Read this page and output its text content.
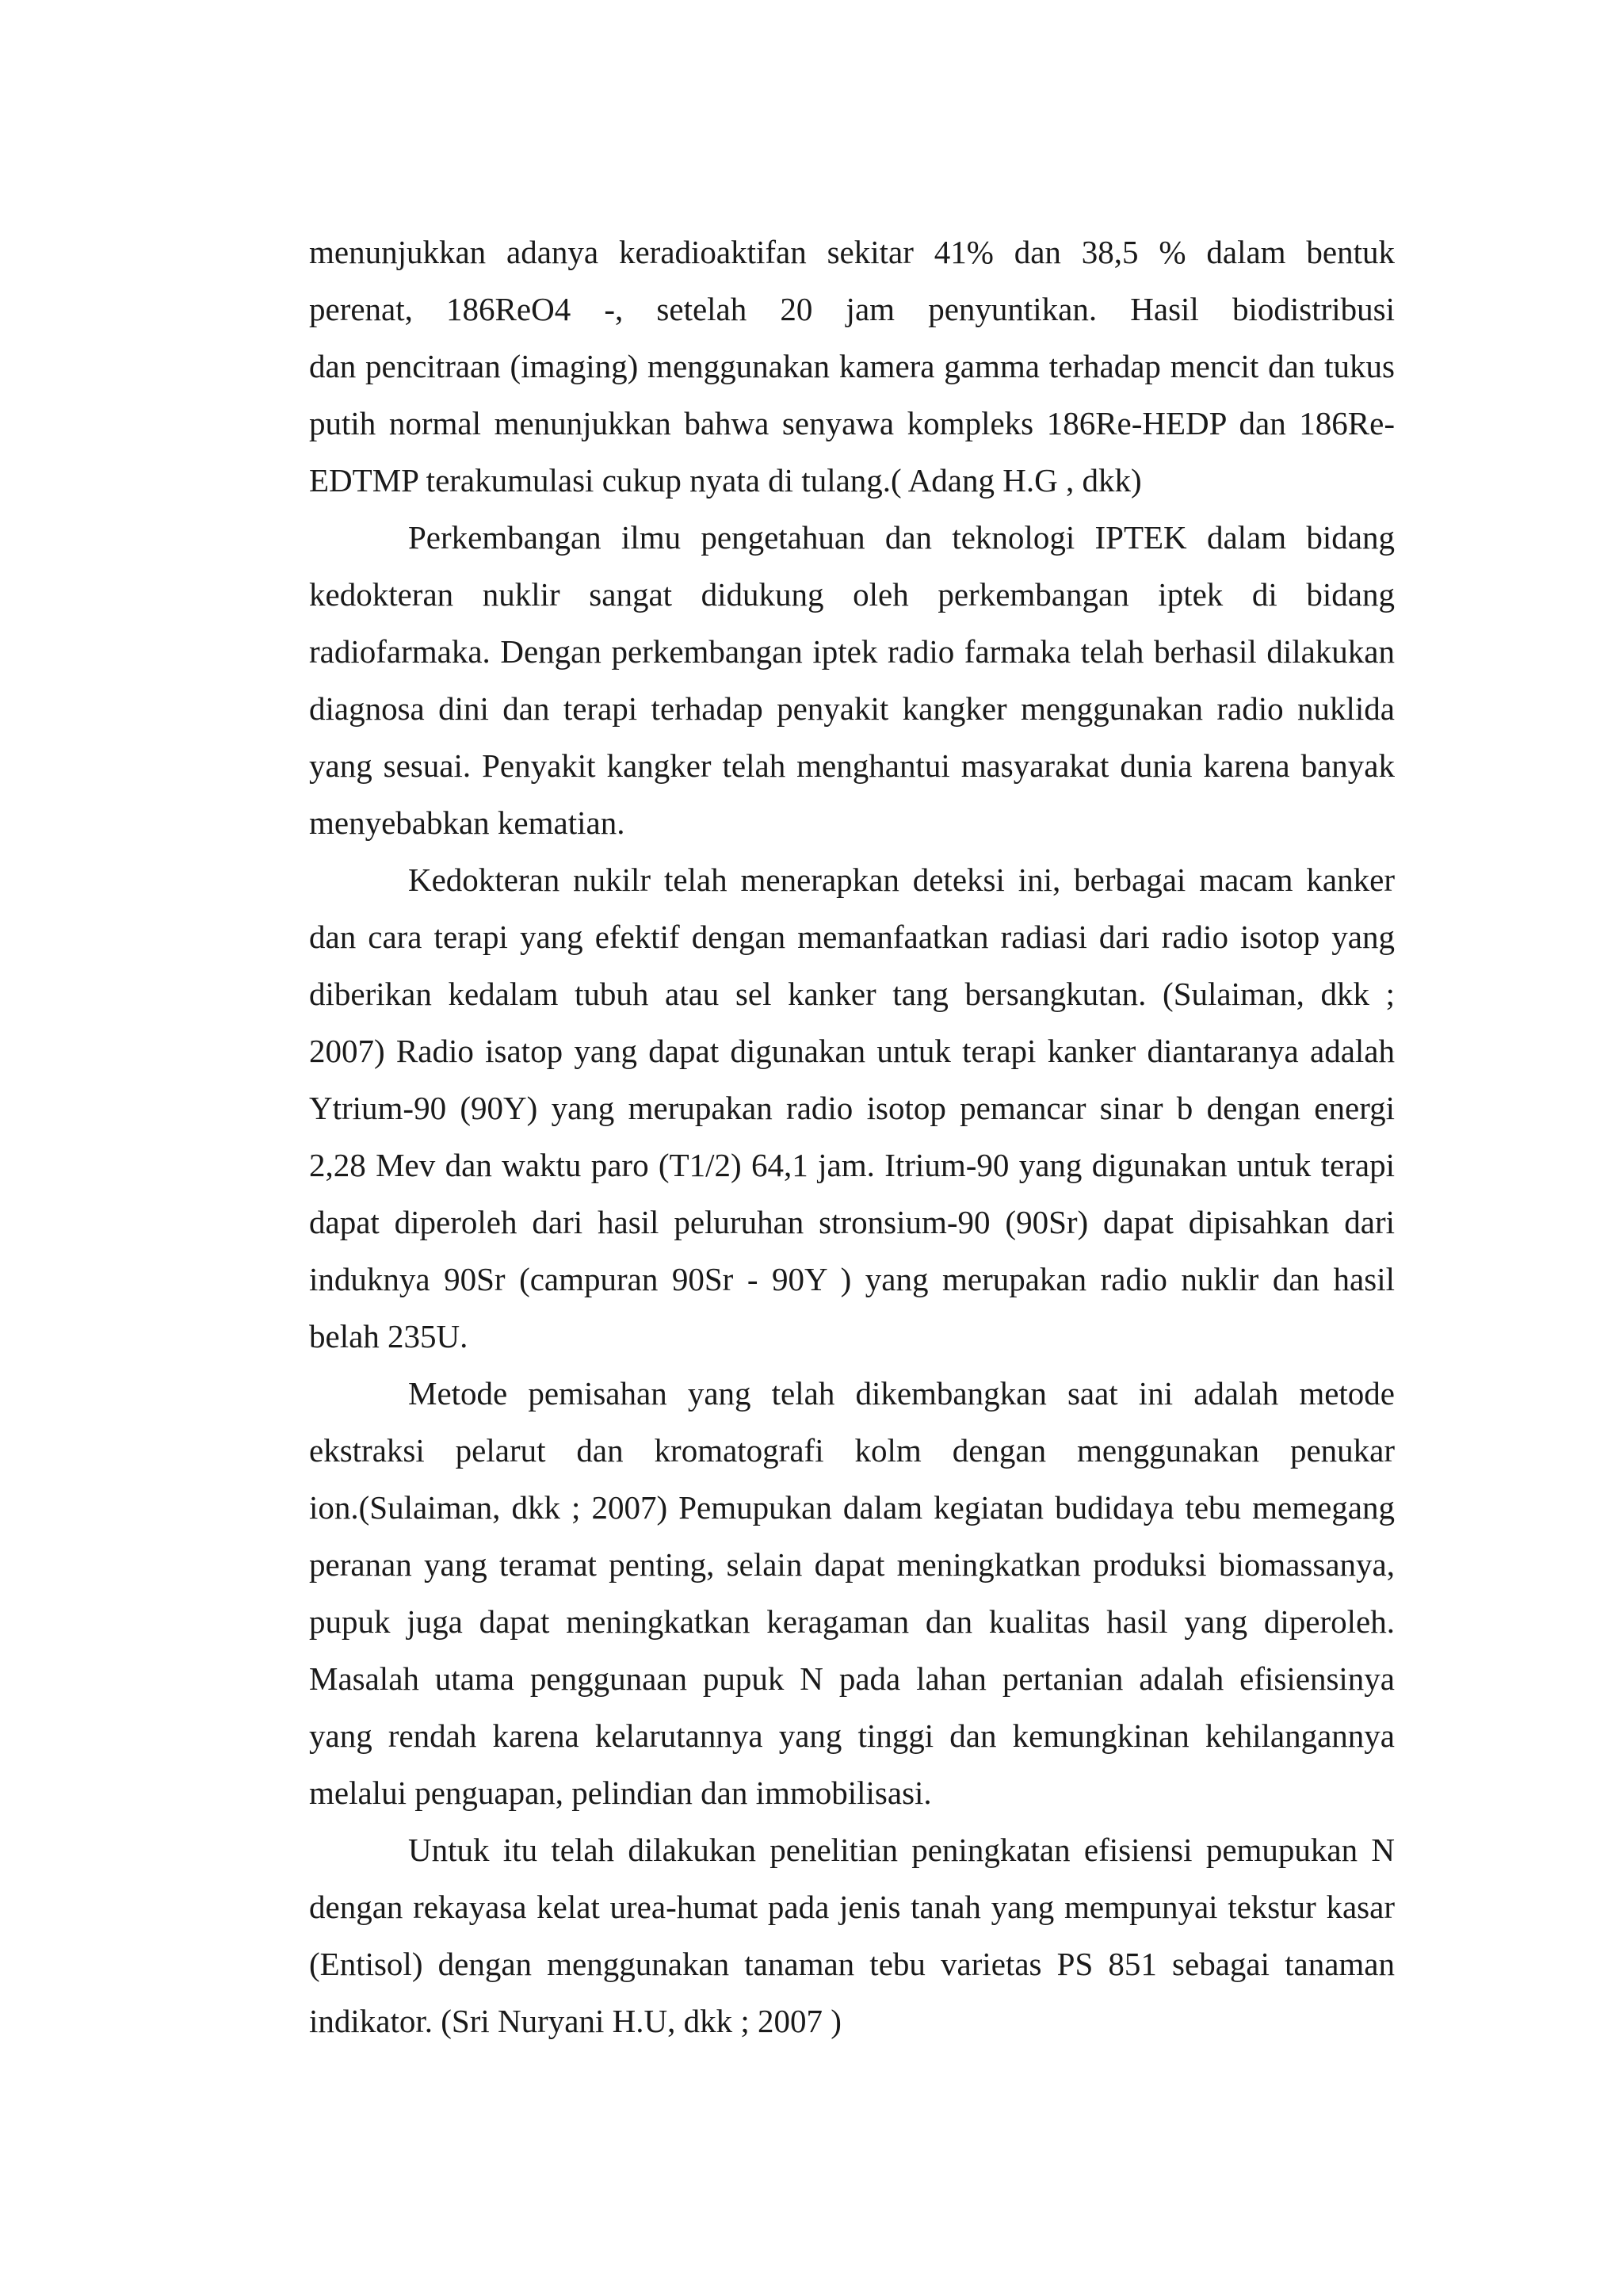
menunjukkan adanya keradioaktifan sekitar 41% dan 38,5 % dalam bentuk

perenat, 186ReO4 -, setelah 20 jam penyuntikan. Hasil biodistribusi

dan pencitraan (imaging) menggunakan kamera gamma terhadap mencit dan tukus

putih normal menunjukkan bahwa senyawa kompleks 186Re-HEDP dan 186Re-

EDTMP terakumulasi cukup nyata di tulang.( Adang H.G , dkk)

Perkembangan ilmu pengetahuan dan teknologi IPTEK dalam bidang

kedokteran nuklir sangat didukung oleh perkembangan iptek di bidang

radiofarmaka. Dengan perkembangan iptek radio farmaka telah berhasil dilakukan

diagnosa dini dan terapi terhadap penyakit kangker menggunakan radio nuklida

yang sesuai. Penyakit kangker telah menghantui masyarakat dunia karena banyak

menyebabkan kematian.

Kedokteran nukilr telah menerapkan deteksi ini, berbagai macam kanker

dan cara terapi yang efektif dengan memanfaatkan radiasi dari radio isotop yang

diberikan kedalam tubuh atau sel kanker tang bersangkutan. (Sulaiman, dkk ;

2007) Radio isatop yang dapat digunakan untuk terapi kanker diantaranya adalah

Ytrium-90 (90Y) yang merupakan radio isotop pemancar sinar b dengan energi

2,28 Mev dan waktu paro (T1/2) 64,1 jam. Itrium-90 yang digunakan untuk terapi

dapat diperoleh dari hasil peluruhan stronsium-90 (90Sr) dapat dipisahkan dari

induknya 90Sr (campuran 90Sr - 90Y ) yang merupakan radio nuklir dan hasil

belah 235U.

Metode pemisahan yang telah dikembangkan saat ini adalah metode

ekstraksi pelarut dan kromatografi kolm dengan menggunakan penukar

ion.(Sulaiman, dkk ; 2007) Pemupukan dalam kegiatan budidaya tebu memegang

peranan yang teramat penting, selain dapat meningkatkan produksi biomassanya,

pupuk juga dapat meningkatkan keragaman dan kualitas hasil yang diperoleh.

Masalah utama penggunaan pupuk N pada lahan pertanian adalah efisiensinya

yang rendah karena kelarutannya yang tinggi dan kemungkinan kehilangannya

melalui penguapan, pelindian dan immobilisasi.

Untuk itu telah dilakukan penelitian peningkatan efisiensi pemupukan N

dengan rekayasa kelat urea-humat pada jenis tanah yang mempunyai tekstur kasar

(Entisol) dengan menggunakan tanaman tebu varietas PS 851 sebagai tanaman

indikator. (Sri Nuryani H.U, dkk ; 2007 )
